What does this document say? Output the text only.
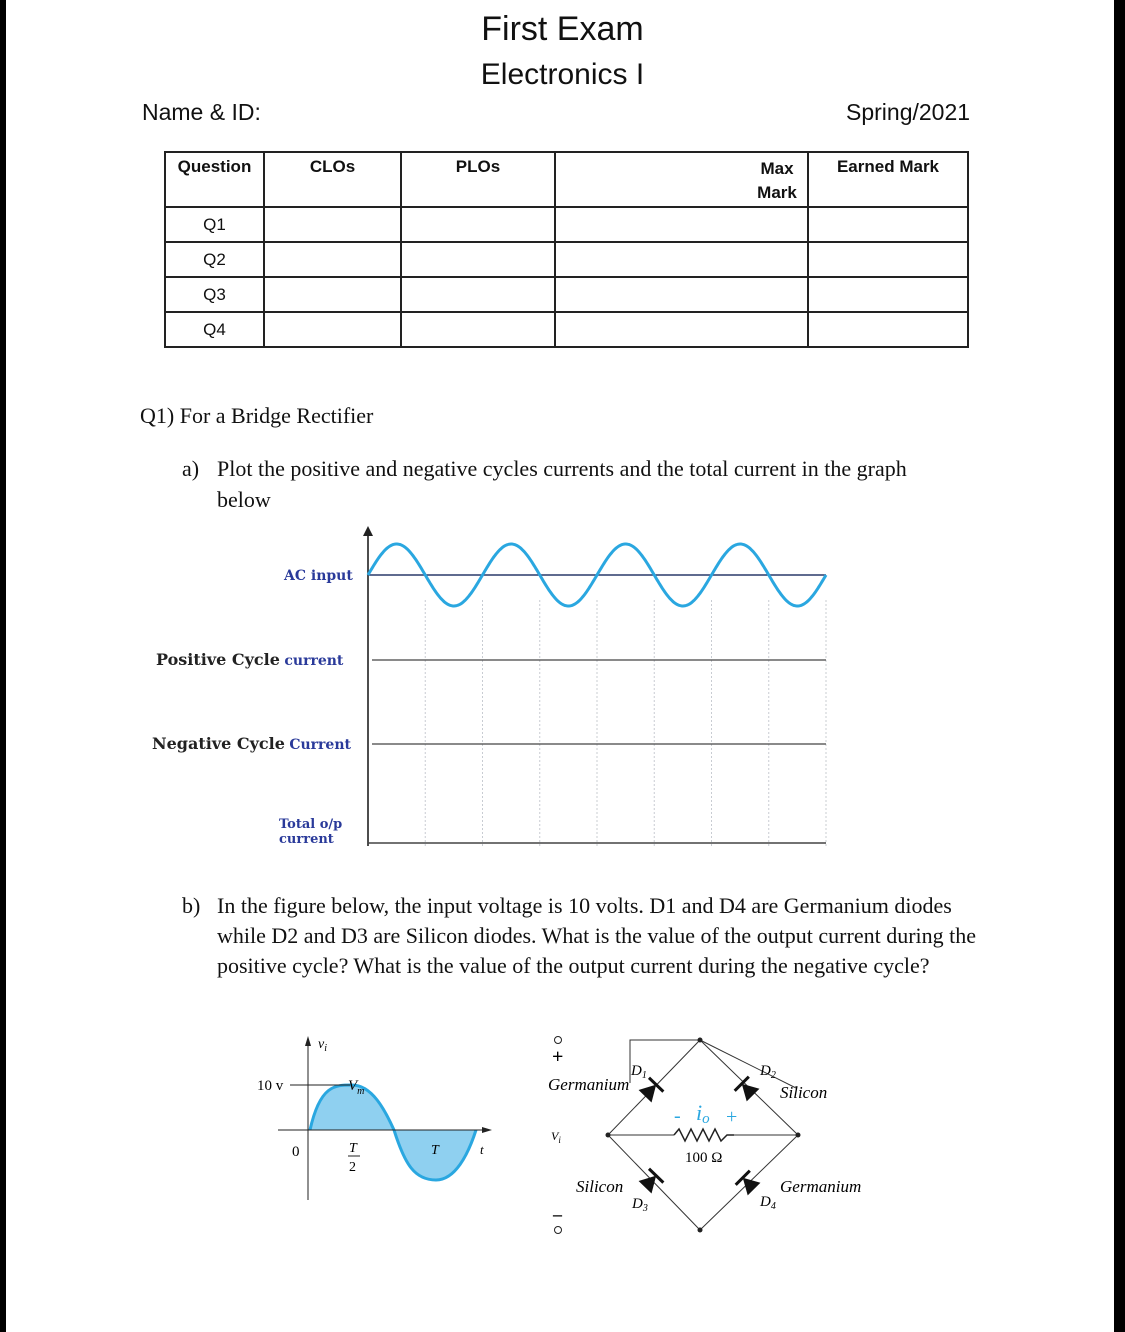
First Exam
Electronics I
Name & ID:	Spring/2021
Question	CLOs	PLOs	Max Mark	Earned Mark
Q1				
Q2				
Q3				
Q4				
Q1) For a Bridge Rectifier
a) Plot the positive and negative cycles currents and the total current in the graph below
AC input
Positive Cycle current
Negative Cycle Current
Total o/p
current
b) In the figure below, the input voltage is 10 volts. D1 and D4 are Germanium diodes while D2 and D3 are Silicon diodes. What is the value of the output current during the positive cycle? What is the value of the output current during the negative cycle?
$v_i$
10 v	$V_m$
0	T
2
T	t
+
–
$V_i$
$D_1$
Germanium
$D_2$
Silicon
$D_3$
Silicon
$D_4$
Germanium
- io +
100 Ω
